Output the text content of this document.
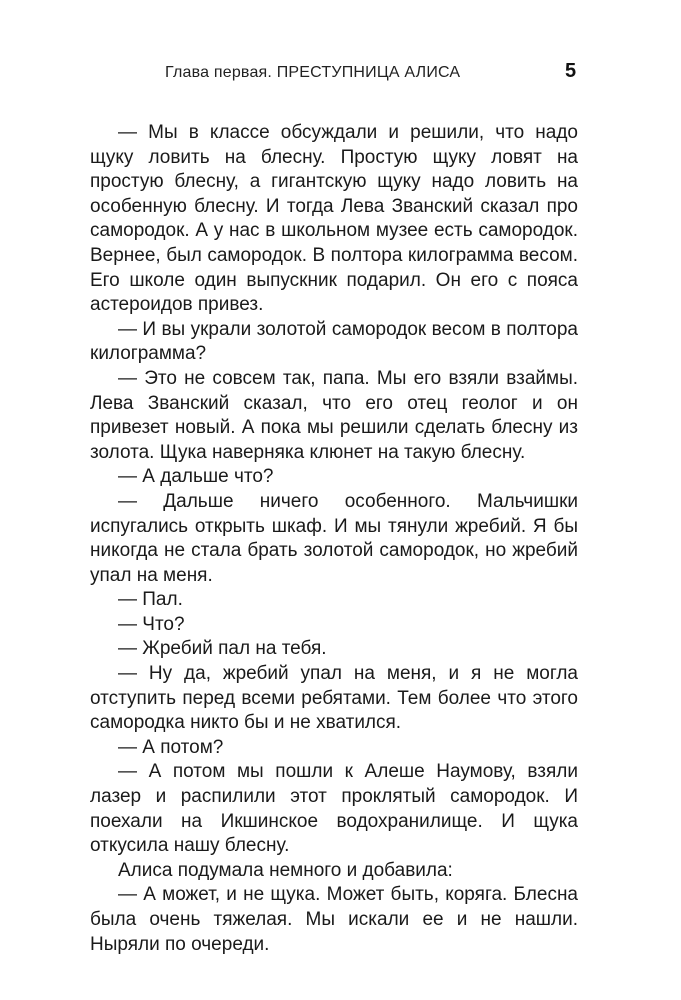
Глава первая. ПРЕСТУПНИЦА АЛИСА	5

— Мы в классе обсуждали и решили, что надо щуку ловить на блесну. Простую щуку ловят на простую блесну, а гигантскую щуку надо ловить на особенную блесну. И тогда Лева Званский сказал про самородок. А у нас в школьном музее есть самородок. Вернее, был самородок. В полтора килограмма весом. Его школе один выпускник подарил. Он его с пояса астероидов привез.

— И вы украли золотой самородок весом в полтора килограмма?

— Это не совсем так, папа. Мы его взяли взаймы. Лева Званский сказал, что его отец геолог и он привезет новый. А пока мы решили сделать блесну из золота. Щука наверняка клюнет на такую блесну.

— А дальше что?

— Дальше ничего особенного. Мальчишки испугались открыть шкаф. И мы тянули жребий. Я бы никогда не стала брать золотой самородок, но жребий упал на меня.

— Пал.

— Что?

— Жребий пал на тебя.

— Ну да, жребий упал на меня, и я не могла отступить перед всеми ребятами. Тем более что этого самородка никто бы и не хватился.

— А потом?

— А потом мы пошли к Алеше Наумову, взяли лазер и распилили этот проклятый самородок. И поехали на Икшинское водохранилище. И щука откусила нашу блесну.

Алиса подумала немного и добавила:

— А может, и не щука. Может быть, коряга. Блесна была очень тяжелая. Мы искали ее и не нашли. Ныряли по очереди.
